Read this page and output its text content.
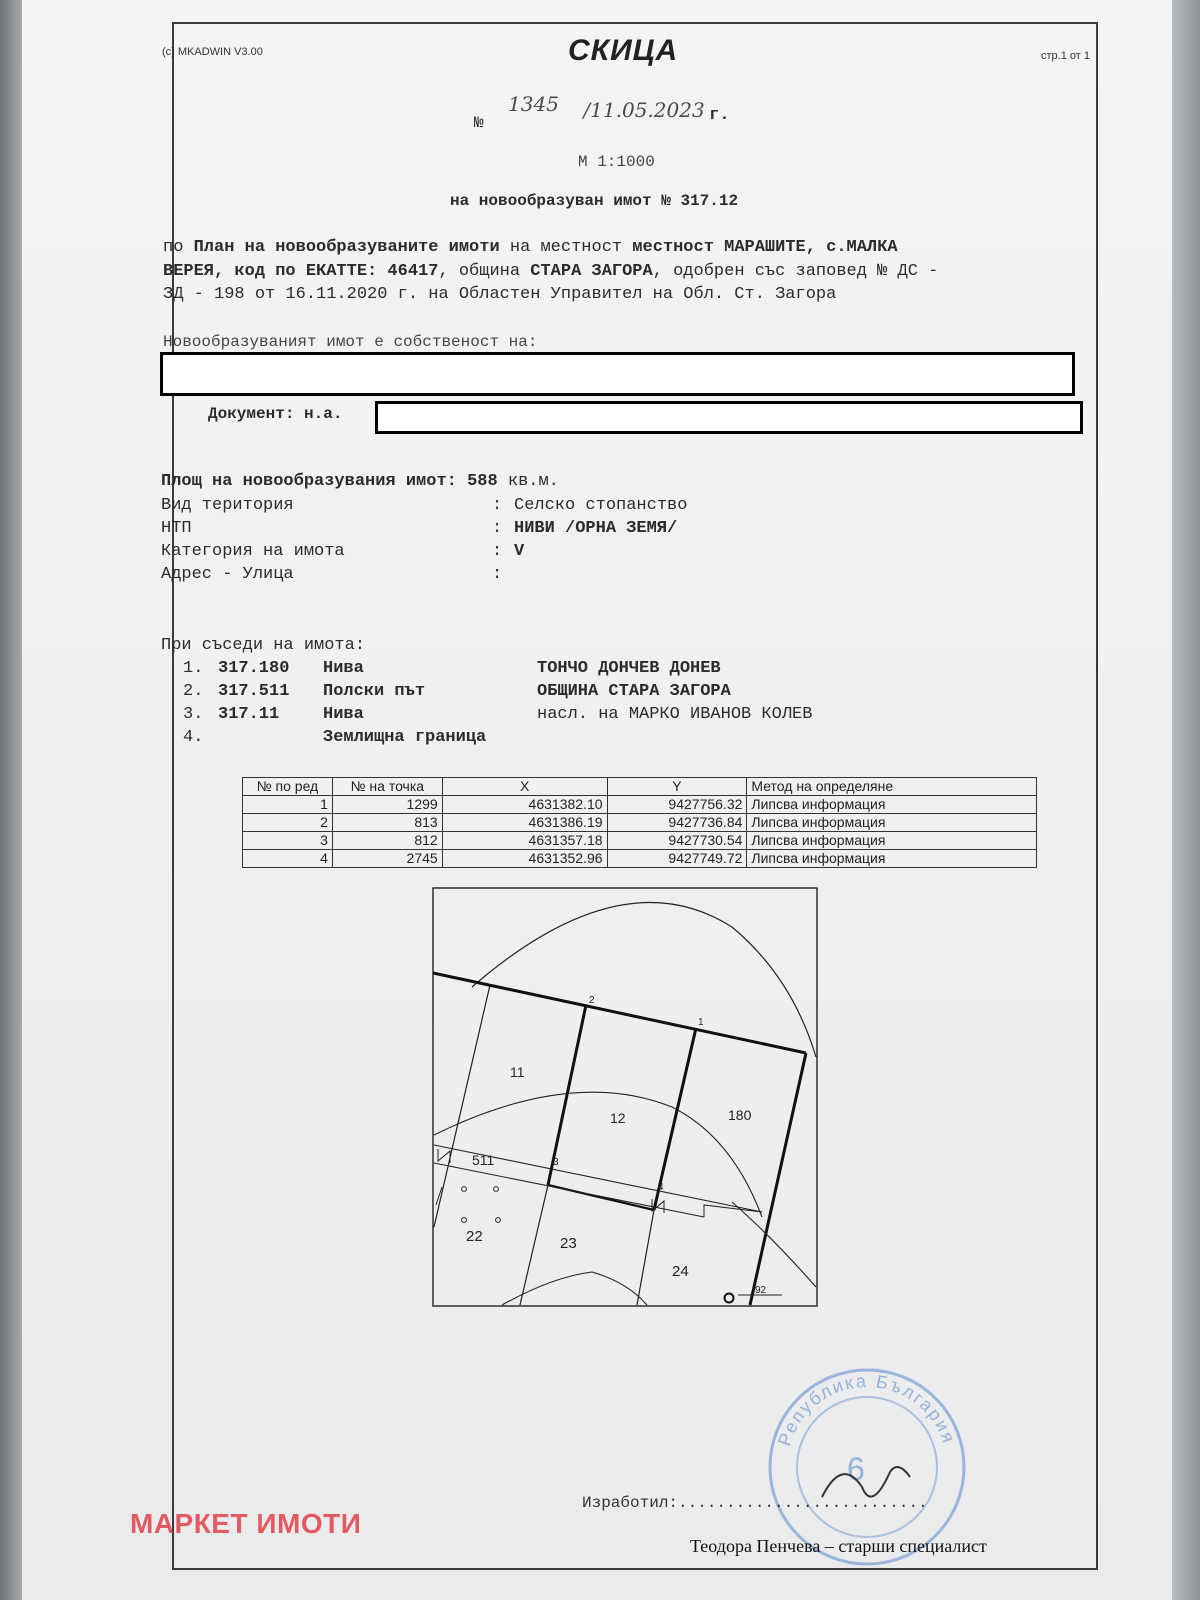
(c) MKADWIN V3.00	СКИЦА	стр.1 от 1

№ 1345 /11.05.2023 г.

М 1:1000

на новообразуван имот № 317.12

по План на новообразуваните имоти на местност местност МАРАШИТЕ, с.МАЛКА

ВЕРЕЯ, код по ЕКАТТЕ: 46417, община СТАРА ЗАГОРА, одобрен със заповед № ДС -

ЗД - 198 от 16.11.2020 г. на Областен Управител на Обл. Ст. Загора

Новообразуваният имот е собственост на:

Документ: н.а.

Площ на новообразувания имот: 588 кв.м.

Вид територия	: Селско стопанство

НТП	: НИВИ /ОРНА ЗЕМЯ/

Категория на имота	: V

Адрес - Улица	:

При съседи на имота:

1. 317.180 Нива	ТОНЧО ДОНЧЕВ ДОНЕВ

2. 317.511 Полски път	ОБЩИНА СТАРА ЗАГОРА

3. 317.11	Нива	насл. на МАРКО ИВАНОВ КОЛЕВ

4.	Землищна граница

№ по ред	№ на точка	X	Y	Метод на определяне
1	1299	4631382.10	9427756.32	Липсва информация
2	813	4631386.19	9427736.84	Липсва информация
3	812	4631357.18	9427730.54	Липсва информация
4	2745	4631352.96	9427749.72	Липсва информация
11
12	180
511
22	23
24
1
2
3
4
92
Република България
6

МАРКЕТ ИМОТИ

Изработил:..........................

Теодора Пенчева – старши специалист
